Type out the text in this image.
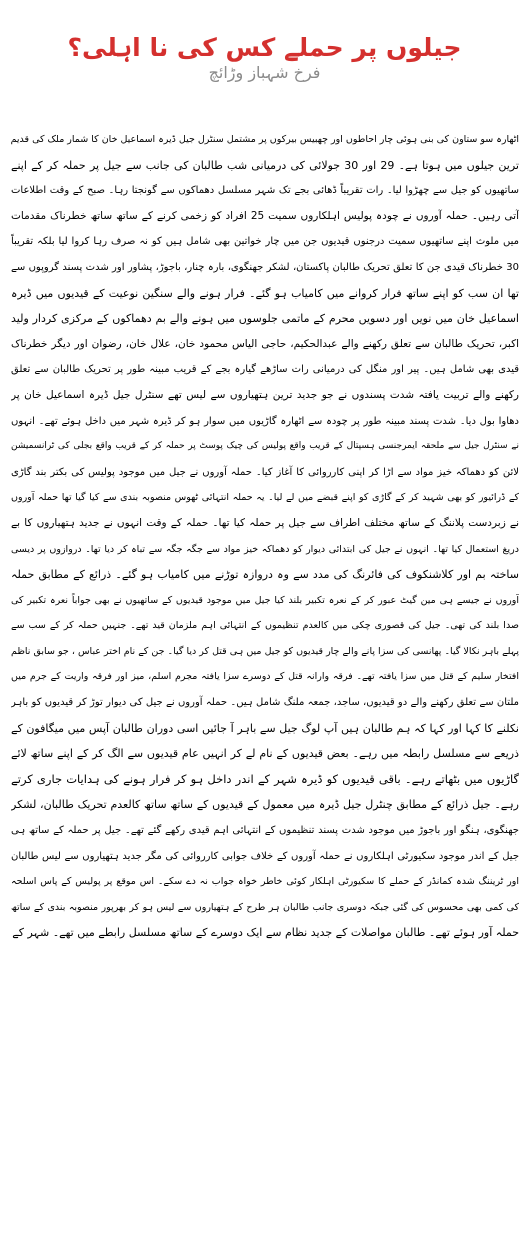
جیلوں پر حملے کس کی نا اہلی؟
فرخ شہباز وڑائچ
اٹھارہ سو ستاون کی بنی ہوئی چار احاطوں اور چھبیس بیرکوں پر مشتمل سنٹرل جیل ڈیرہ اسماعیل خان کا شمار ملک کی قدیم
ترین جیلوں میں ہوتا ہے۔ 29 اور 30 جولائی کی درمیانی شب طالبان کی جانب سے جیل پر حملہ کر کے اپنے
ساتھیوں کو جیل سے چھڑوا لیا۔ رات تقریباً ڈھائی بجے تک شہر مسلسل دھماکوں سے گونجتا رہا۔ صبح کے وقت اطلاعات
آتی رہیں۔ حملہ آوروں نے چودہ پولیس اہلکاروں سمیت 25 افراد کو زخمی کرنے کے ساتھ ساتھ خطرناک مقدمات
میں ملوث اپنے ساتھیوں سمیت درجنوں قیدیوں جن میں چار خواتین بھی شامل ہیں کو نہ صرف رہا کروا لیا بلکہ تقریباً
30 خطرناک قیدی جن کا تعلق تحریک طالبان پاکستان، لشکر جھنگوی، بارہ چنار، باجوڑ، پشاور اور شدت پسند گروپوں سے
تھا ان سب کو اپنے ساتھ فرار کروانے میں کامیاب ہو گئے۔ فرار ہونے والے سنگین نوعیت کے قیدیوں میں ڈیرہ
اسماعیل خان میں نویں اور دسویں محرم کے ماتمی جلوسوں میں ہونے والے بم دھماکوں کے مرکزی کردار ولید
اکبر، تحریک طالبان سے تعلق رکھنے والے عبدالحکیم، حاجی الیاس محمود خان، علال خان، رضوان اور دیگر خطرناک
قیدی بھی شامل ہیں۔ پیر اور منگل کی درمیانی رات ساڑھے گیارہ بجے کے قریب مبینہ طور پر تحریک طالبان سے تعلق
رکھنے والے تربیت یافتہ شدت پسندوں نے جو جدید ترین ہتھیاروں سے لیس تھے سنٹرل جیل ڈیرہ اسماعیل خان پر
دھاوا بول دیا۔ شدت پسند مبینہ طور پر چودہ سے اٹھارہ گاڑیوں میں سوار ہو کر ڈیرہ شہر میں داخل ہوئے تھے۔ انہوں
نے سنٹرل جیل سے ملحقہ ایمرجنسی ہسپتال کے قریب واقع پولیس کی چیک پوسٹ پر حملہ کر کے قریب واقع بجلی کی ٹرانسمیشن
لائن کو دھماکہ خیز مواد سے اڑا کر اپنی کارروائی کا آغاز کیا۔ حملہ آوروں نے جیل میں موجود پولیس کی بکتر بند گاڑی
کے ڈرائیور کو بھی شہید کر کے گاڑی کو اپنے قبضے میں لے لیا۔ یہ حملہ انتہائی ٹھوس منصوبہ بندی سے کیا گیا تھا حملہ آوروں
نے زبردست پلاننگ کے ساتھ مختلف اطراف سے جیل پر حملہ کیا تھا۔ حملہ کے وقت انہوں نے جدید ہتھیاروں کا بے
دریغ استعمال کیا تھا۔ انہوں نے جیل کی ابتدائی دیوار کو دھماکہ خیز مواد سے جگہ جگہ سے تباہ کر دیا تھا۔ دروازوں پر دیسی
ساختہ بم اور کلاشنکوف کی فائرنگ کی مدد سے وہ دروازہ توڑنے میں کامیاب ہو گئے۔ ذرائع کے مطابق حملہ
آوروں نے جیسے ہی مین گیٹ عبور کر کے نعرہ تکبیر بلند کیا جیل میں موجود قیدیوں کے ساتھیوں نے بھی جواباً نعرہ تکبیر کی
صدا بلند کی تھی۔ جیل کی قصوری چکی میں کالعدم تنظیموں کے انتہائی اہم ملزمان قید تھے۔ جنہیں حملہ کر کے سب سے
پہلے باہر نکالا گیا۔ پھانسی کی سزا پانے والے چار قیدیوں کو جیل میں ہی قتل کر دیا گیا۔ جن کے نام اختر عباس ، جو سابق ناظم
افتخار سلیم کے قتل میں سزا یافتہ تھے۔ فرقہ وارانہ قتل کے دوسرے سزا یافتہ مجرم اسلم، میز اور فرقہ واریت کے جرم میں
ملتان سے تعلق رکھنے والے دو قیدیوں، ساجد، جمعہ ملنگ شامل ہیں۔ حملہ آوروں نے جیل کی دیوار توڑ کر قیدیوں کو باہر
نکلنے کا کہا اور کہا کہ ہم طالبان ہیں آپ لوگ جیل سے باہر آ جائیں اسی دوران طالبان آپس میں میگافون کے
ذریعے سے مسلسل رابطہ میں رہے۔ بعض قیدیوں کے نام لے کر انہیں عام قیدیوں سے الگ کر کے اپنے ساتھ لائے
گاڑیوں میں بٹھاتے رہے۔ باقی قیدیوں کو ڈیرہ شہر کے اندر داخل ہو کر فرار ہونے کی ہدایات جاری کرتے
رہے۔ جیل ذرائع کے مطابق چنٹرل جیل ڈیرہ میں معمول کے قیدیوں کے ساتھ ساتھ کالعدم تحریک طالبان، لشکر
جھنگوی، ہنگو اور باجوڑ میں موجود شدت پسند تنظیموں کے انتہائی اہم قیدی رکھے گئے تھے۔ جیل پر حملہ کے ساتھ ہی
جیل کے اندر موجود سکیورٹی اہلکاروں نے حملہ آوروں کے خلاف جوابی کارروائی کی مگر جدید ہتھیاروں سے لیس طالبان
اور ٹریننگ شدہ کمانڈر کے حملے کا سکیورٹی اہلکار کوئی خاطر خواہ جواب نہ دے سکے۔ اس موقع پر پولیس کے پاس اسلحہ
کی کمی بھی محسوس کی گئی جبکہ دوسری جانب طالبان ہر طرح کے ہتھیاروں سے لیس ہو کر بھرپور منصوبہ بندی کے ساتھ
حملہ آور ہوئے تھے۔ طالبان مواصلات کے جدید نظام سے ایک دوسرے کے ساتھ مسلسل رابطے میں تھے۔ شہر کے
